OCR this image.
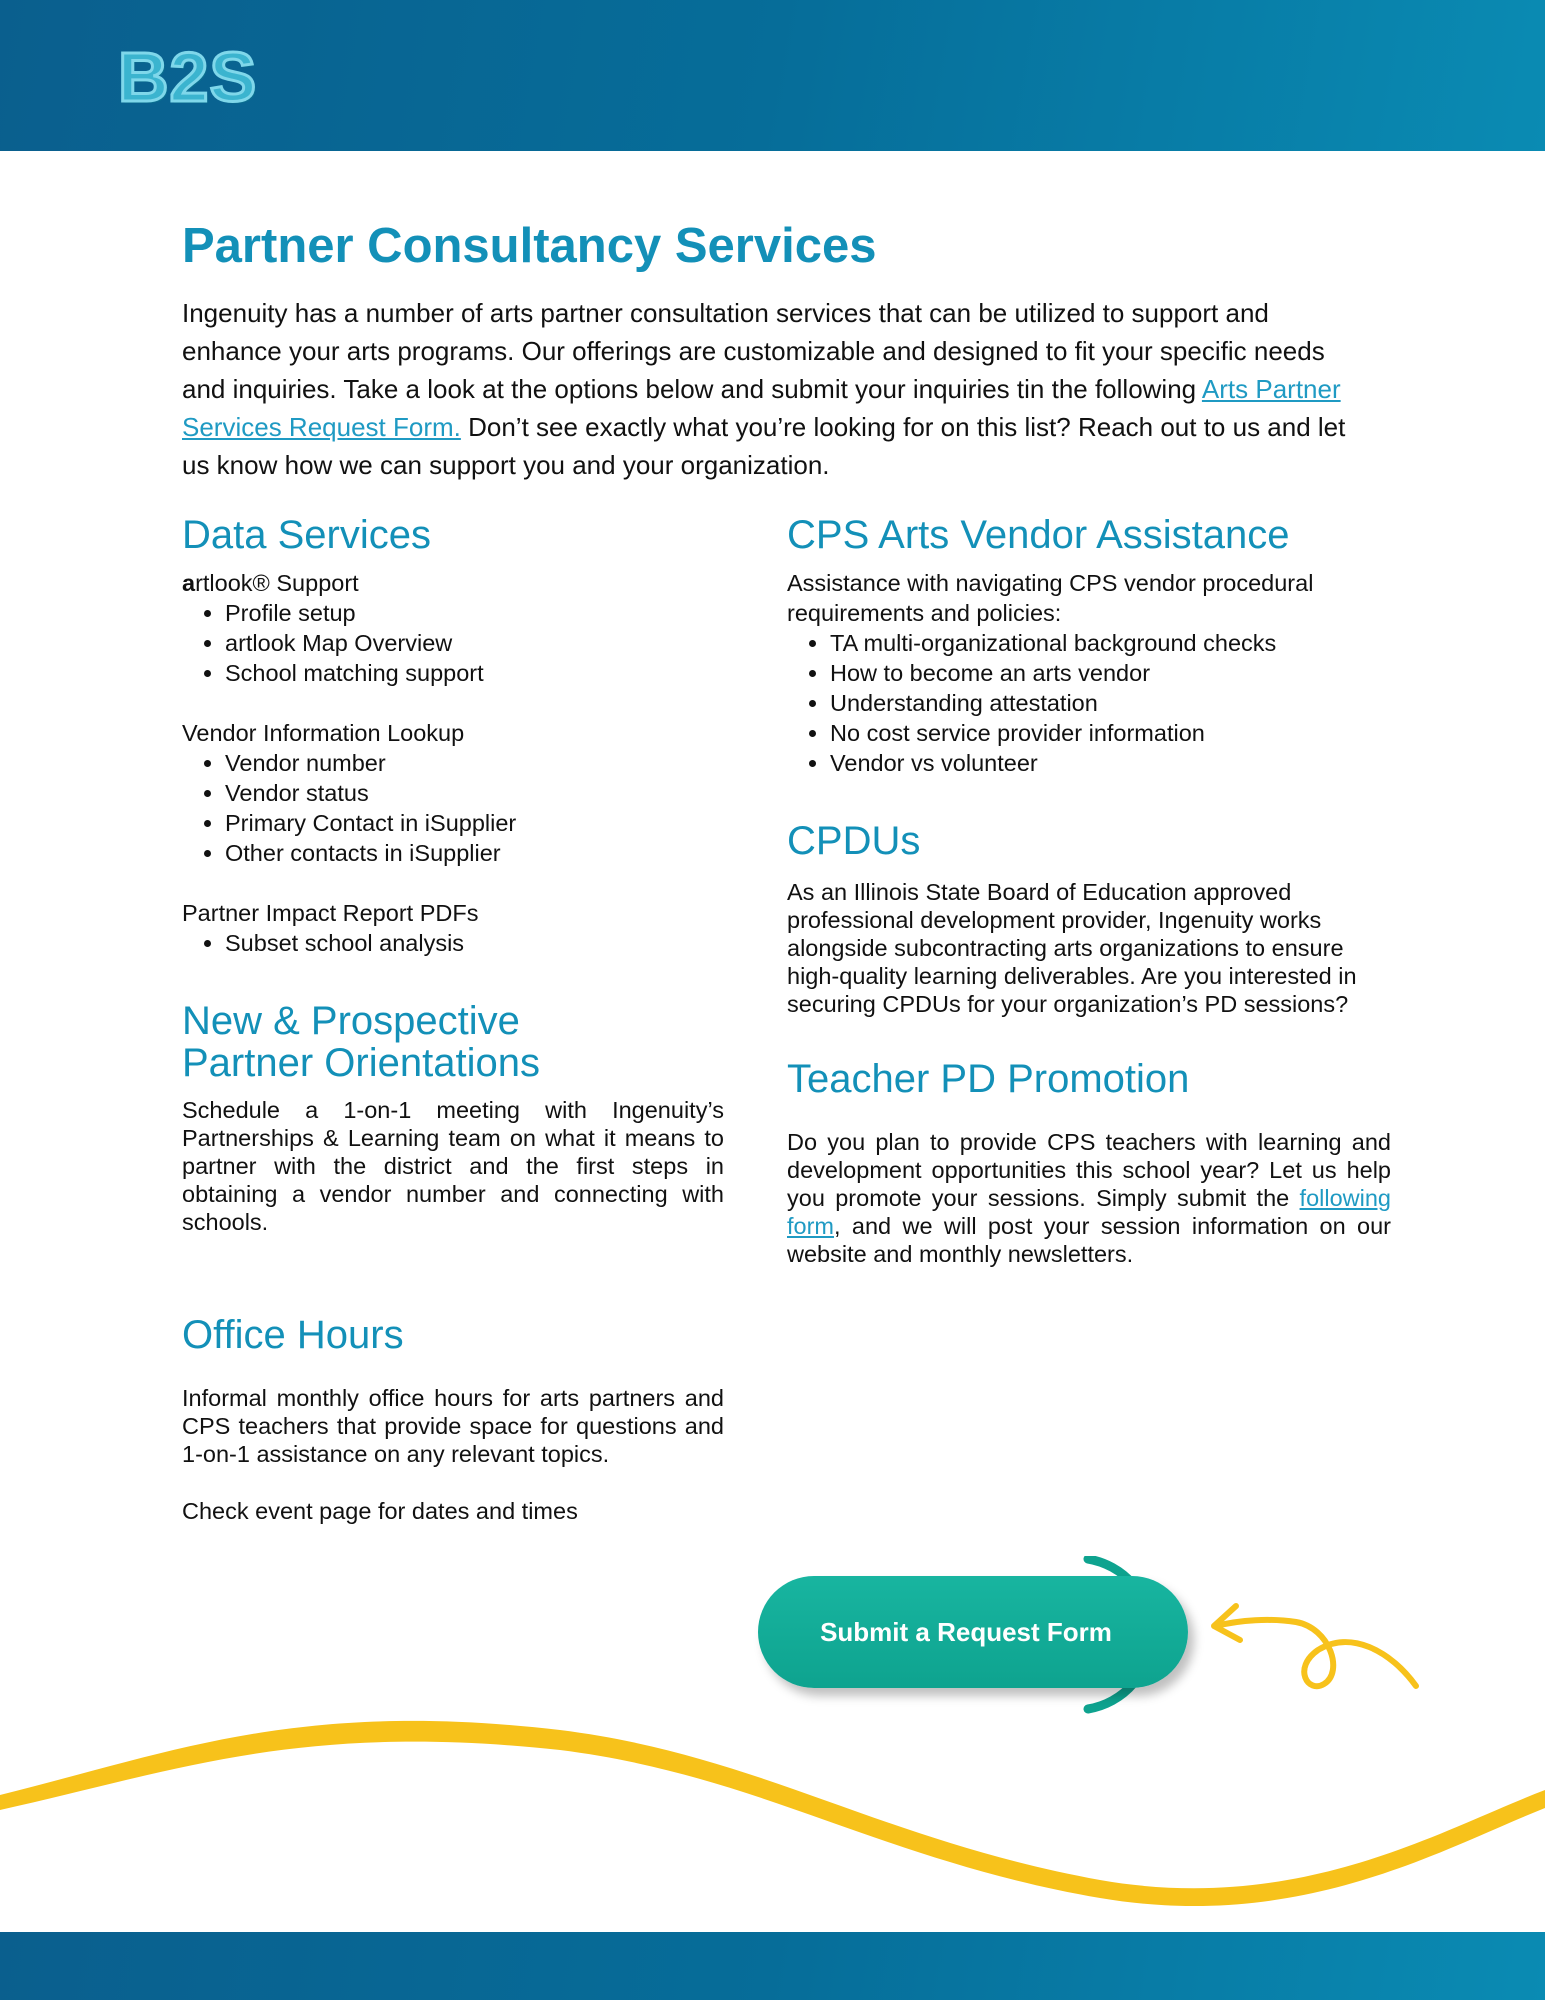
B2S
Partner Consultancy Services

Ingenuity has a number of arts partner consultation services that can be utilized to support and enhance your arts programs. Our offerings are customizable and designed to fit your specific needs and inquiries. Take a look at the options below and submit your inquiries tin the following Arts Partner Services Request Form. Don’t see exactly what you’re looking for on this list? Reach out to us and let us know how we can support you and your organization.

Data Services

artlook® Support

• Profile setup
• artlook Map Overview
• School matching support

Vendor Information Lookup

• Vendor number
• Vendor status
• Primary Contact in iSupplier
• Other contacts in iSupplier

Partner Impact Report PDFs

• Subset school analysis
New & Prospective
Partner Orientations

Schedule a 1-on-1 meeting with Ingenuity’s Partnerships & Learning team on what it means to partner with the district and the first steps in obtaining a vendor number and connecting with schools.

Office Hours

Informal monthly office hours for arts partners and CPS teachers that provide space for questions and 1-on-1 assistance on any relevant topics.

Check event page for dates and times

CPS Arts Vendor Assistance

Assistance with navigating CPS vendor procedural requirements and policies:

• TA multi-organizational background checks
• How to become an arts vendor
• Understanding attestation
• No cost service provider information
• Vendor vs volunteer
CPDUs

As an Illinois State Board of Education approved professional development provider, Ingenuity works alongside subcontracting arts organizations to ensure high-quality learning deliverables. Are you interested in securing CPDUs for your organization’s PD sessions?

Teacher PD Promotion

Do you plan to provide CPS teachers with learning and development opportunities this school year? Let us help you promote your sessions. Simply submit the following form, and we will post your session information on our website and monthly newsletters.

Submit a Request Form
